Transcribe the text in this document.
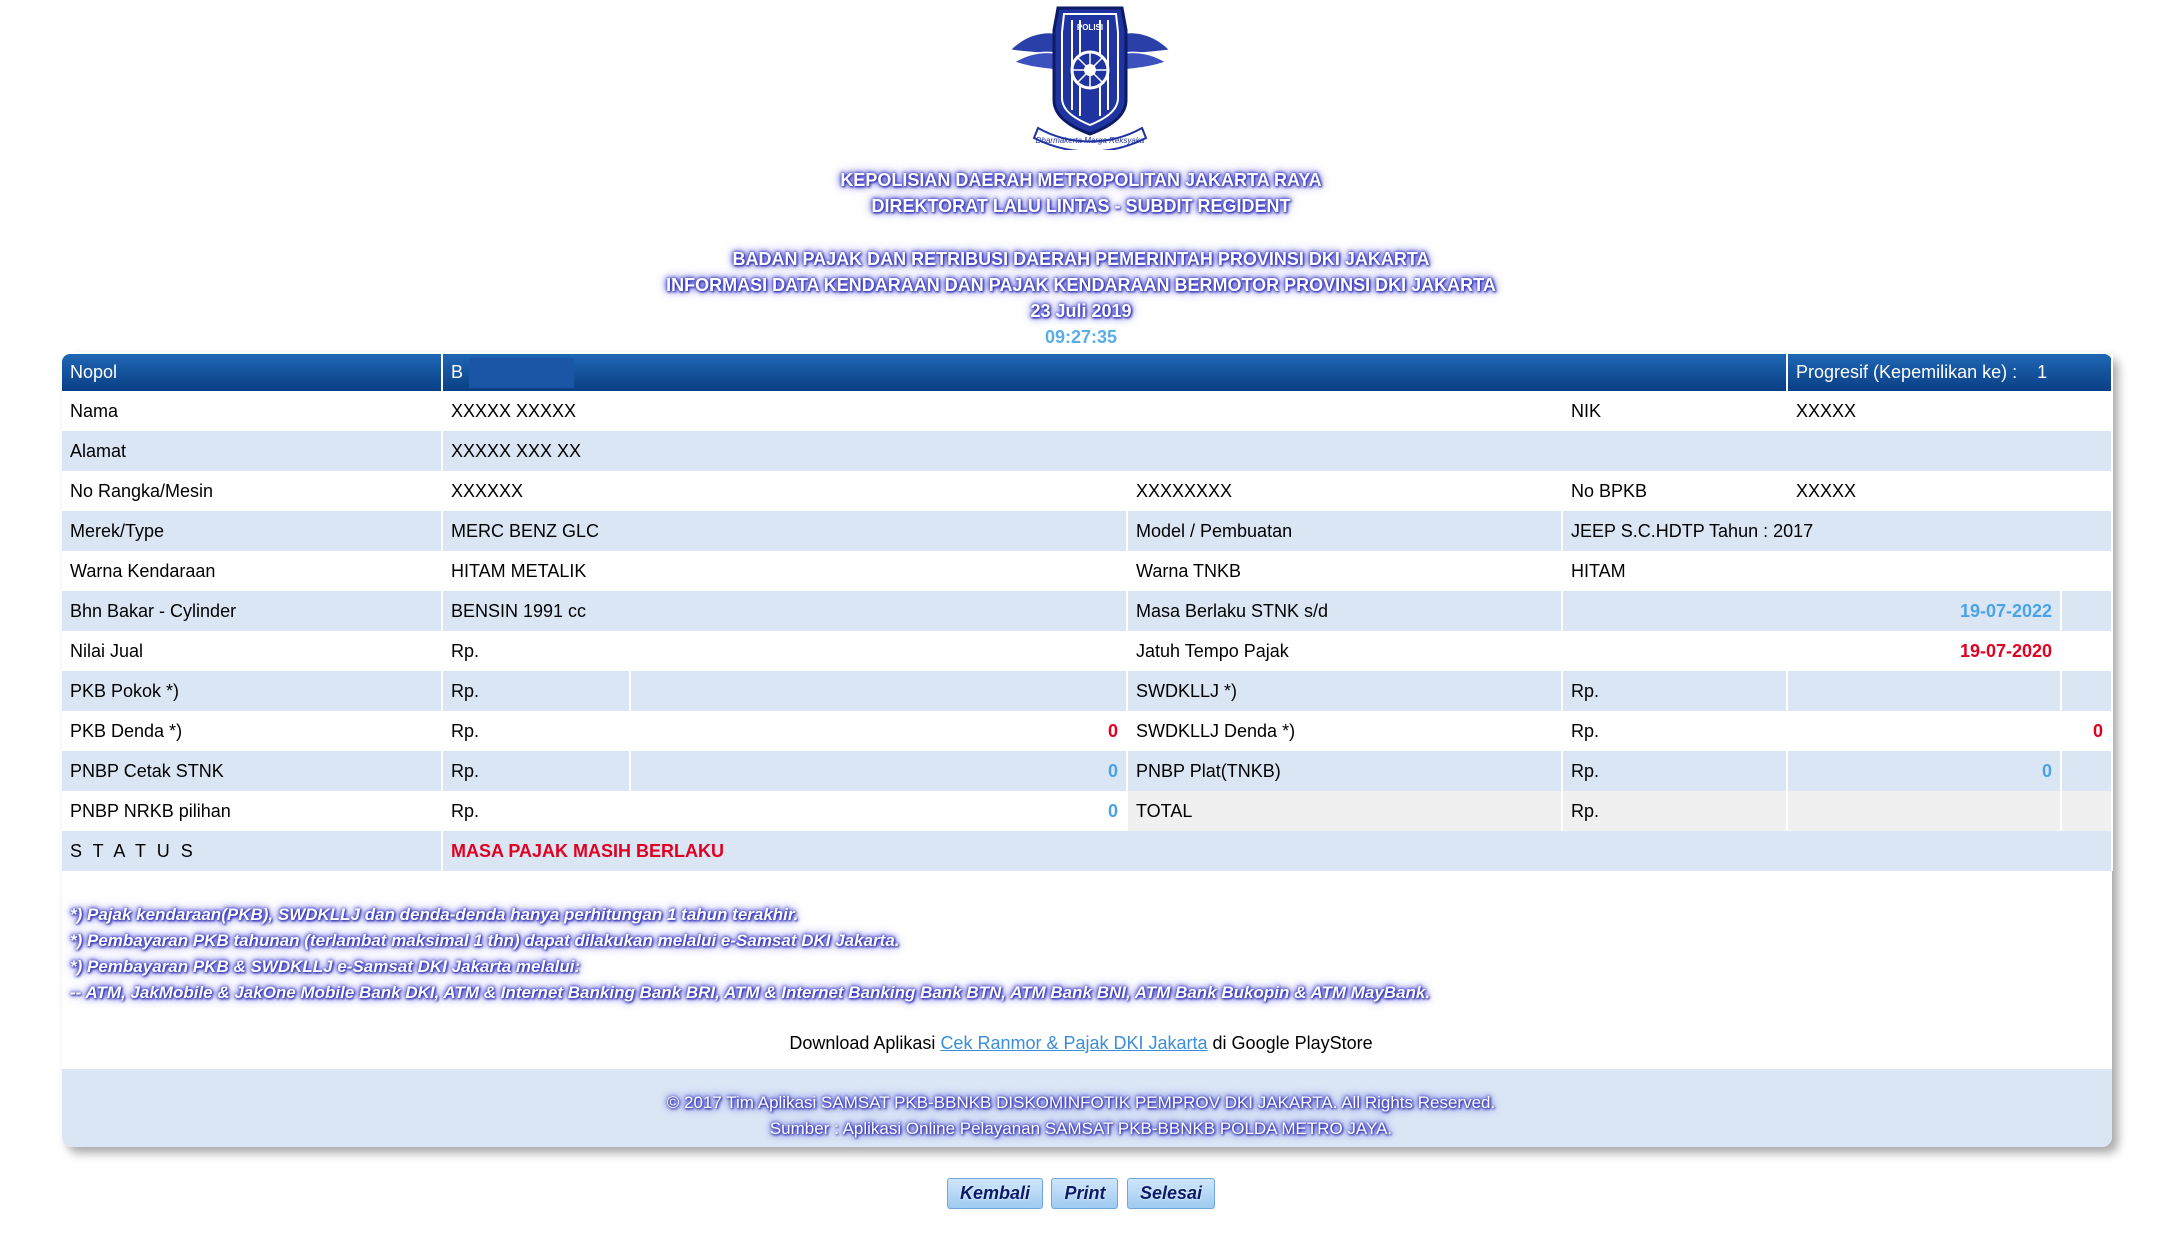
POLISI
Dharmakerta Marga Reksyaka
KEPOLISIAN DAERAH METROPOLITAN JAKARTA RAYA
DIREKTORAT LALU LINTAS - SUBDIT REGIDENT
BADAN PAJAK DAN RETRIBUSI DAERAH PEMERINTAH PROVINSI DKI JAKARTA
INFORMASI DATA KENDARAAN DAN PAJAK KENDARAAN BERMOTOR PROVINSI DKI JAKARTA
23 Juli 2019
09:27:35
Nopol	B				Progresif (Kepemilikan ke) : 1	
Nama	XXXXX XXXXX			NIK	XXXXX	
Alamat	XXXXX XXX XX					
No Rangka/Mesin	XXXXXX		XXXXXXXX	No BPKB	XXXXX	
Merek/Type	MERC BENZ GLC		Model / Pembuatan	JEEP S.C.HDTP Tahun : 2017		
Warna Kendaraan	HITAM METALIK		Warna TNKB	HITAM		
Bhn Bakar - Cylinder	BENSIN 1991 cc		Masa Berlaku STNK s/d	19-07-2022		
Nilai Jual	Rp.		Jatuh Tempo Pajak	19-07-2020		
PKB Pokok *)	Rp.		SWDKLLJ *)	Rp.		
PKB Denda *)	Rp.	0	SWDKLLJ Denda *)	Rp.	0	
PNBP Cetak STNK	Rp.	0	PNBP Plat(TNKB)	Rp.	0	
PNBP NRKB pilihan	Rp.	0	TOTAL	Rp.		
S T A T U S	MASA PAJAK MASIH BERLAKU					
*) Pajak kendaraan(PKB), SWDKLLJ dan denda-denda hanya perhitungan 1 tahun terakhir.
*) Pembayaran PKB tahunan (terlambat maksimal 1 thn) dapat dilakukan melalui e-Samsat DKI Jakarta.
*) Pembayaran PKB & SWDKLLJ e-Samsat DKI Jakarta melalui:
-- ATM, JakMobile & JakOne Mobile Bank DKI, ATM & Internet Banking Bank BRI, ATM & Internet Banking Bank BTN, ATM Bank BNI, ATM Bank Bukopin & ATM MayBank.
Download Aplikasi Cek Ranmor & Pajak DKI Jakarta di Google PlayStore
© 2017 Tim Aplikasi SAMSAT PKB-BBNKB DISKOMINFOTIK PEMPROV DKI JAKARTA. All Rights Reserved.
Sumber : Aplikasi Online Pelayanan SAMSAT PKB-BBNKB POLDA METRO JAYA.
Kembali Print Selesai
